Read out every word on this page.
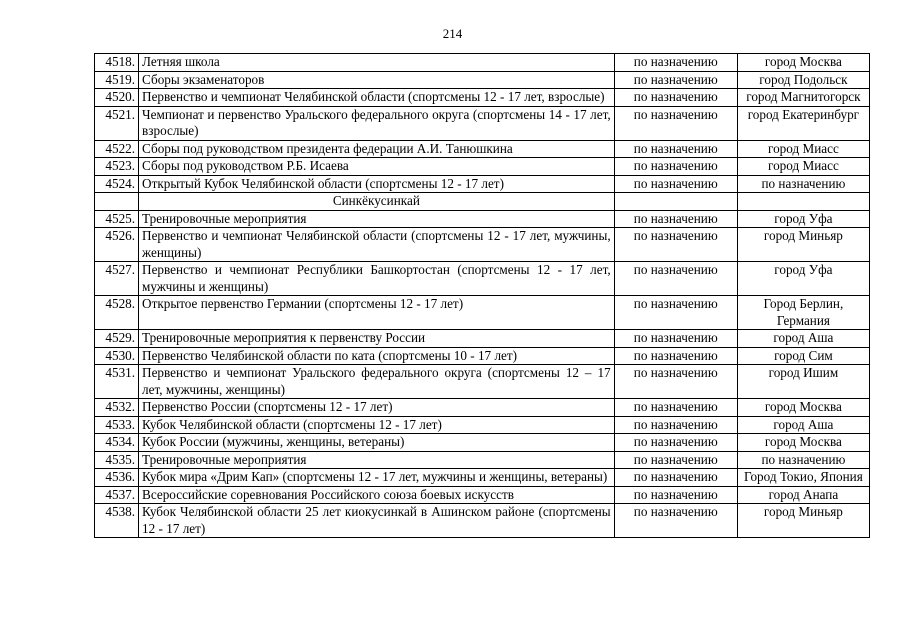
214
4518.	Летняя школа	по назначению	город Москва
4519.	Сборы экзаменаторов	по назначению	город Подольск
4520.	Первенство и чемпионат Челябинской области (спортсмены 12 - 17 лет, взрослые)	по назначению	город Магнитогорск
4521.	Чемпионат и первенство Уральского федерального округа (спортсмены 14 - 17 лет, взрослые)	по назначению	город Екатеринбург
4522.	Сборы под руководством президента федерации А.И. Танюшкина	по назначению	город Миасс
4523.	Сборы под руководством Р.Б. Исаева	по назначению	город Миасс
4524.	Открытый Кубок Челябинской области (спортсмены 12 - 17 лет)	по назначению	по назначению
	Синкёкусинкай		
4525.	Тренировочные мероприятия	по назначению	город Уфа
4526.	Первенство и чемпионат Челябинской области (спортсмены 12 - 17 лет, мужчины, женщины)	по назначению	город Миньяр
4527.	Первенство и чемпионат Республики Башкортостан (спортсмены 12 - 17 лет, мужчины и женщины)	по назначению	город Уфа
4528.	Открытое первенство Германии (спортсмены 12 - 17 лет)	по назначению	Город Берлин, Германия
4529.	Тренировочные мероприятия к первенству России	по назначению	город Аша
4530.	Первенство Челябинской области по ката (спортсмены 10 - 17 лет)	по назначению	город Сим
4531.	Первенство и чемпионат Уральского федерального округа (спортсмены 12 – 17 лет, мужчины, женщины)	по назначению	город Ишим
4532.	Первенство России (спортсмены 12 - 17 лет)	по назначению	город Москва
4533.	Кубок Челябинской области (спортсмены 12 - 17 лет)	по назначению	город Аша
4534.	Кубок России (мужчины, женщины, ветераны)	по назначению	город Москва
4535.	Тренировочные мероприятия	по назначению	по назначению
4536.	Кубок мира «Дрим Кап» (спортсмены 12 - 17 лет, мужчины и женщины, ветераны)	по назначению	Город Токио, Япония
4537.	Всероссийские соревнования Российского союза боевых искусств	по назначению	город Анапа
4538.	Кубок Челябинской области 25 лет киокусинкай в Ашинском районе (спортсмены 12 - 17 лет)	по назначению	город Миньяр
